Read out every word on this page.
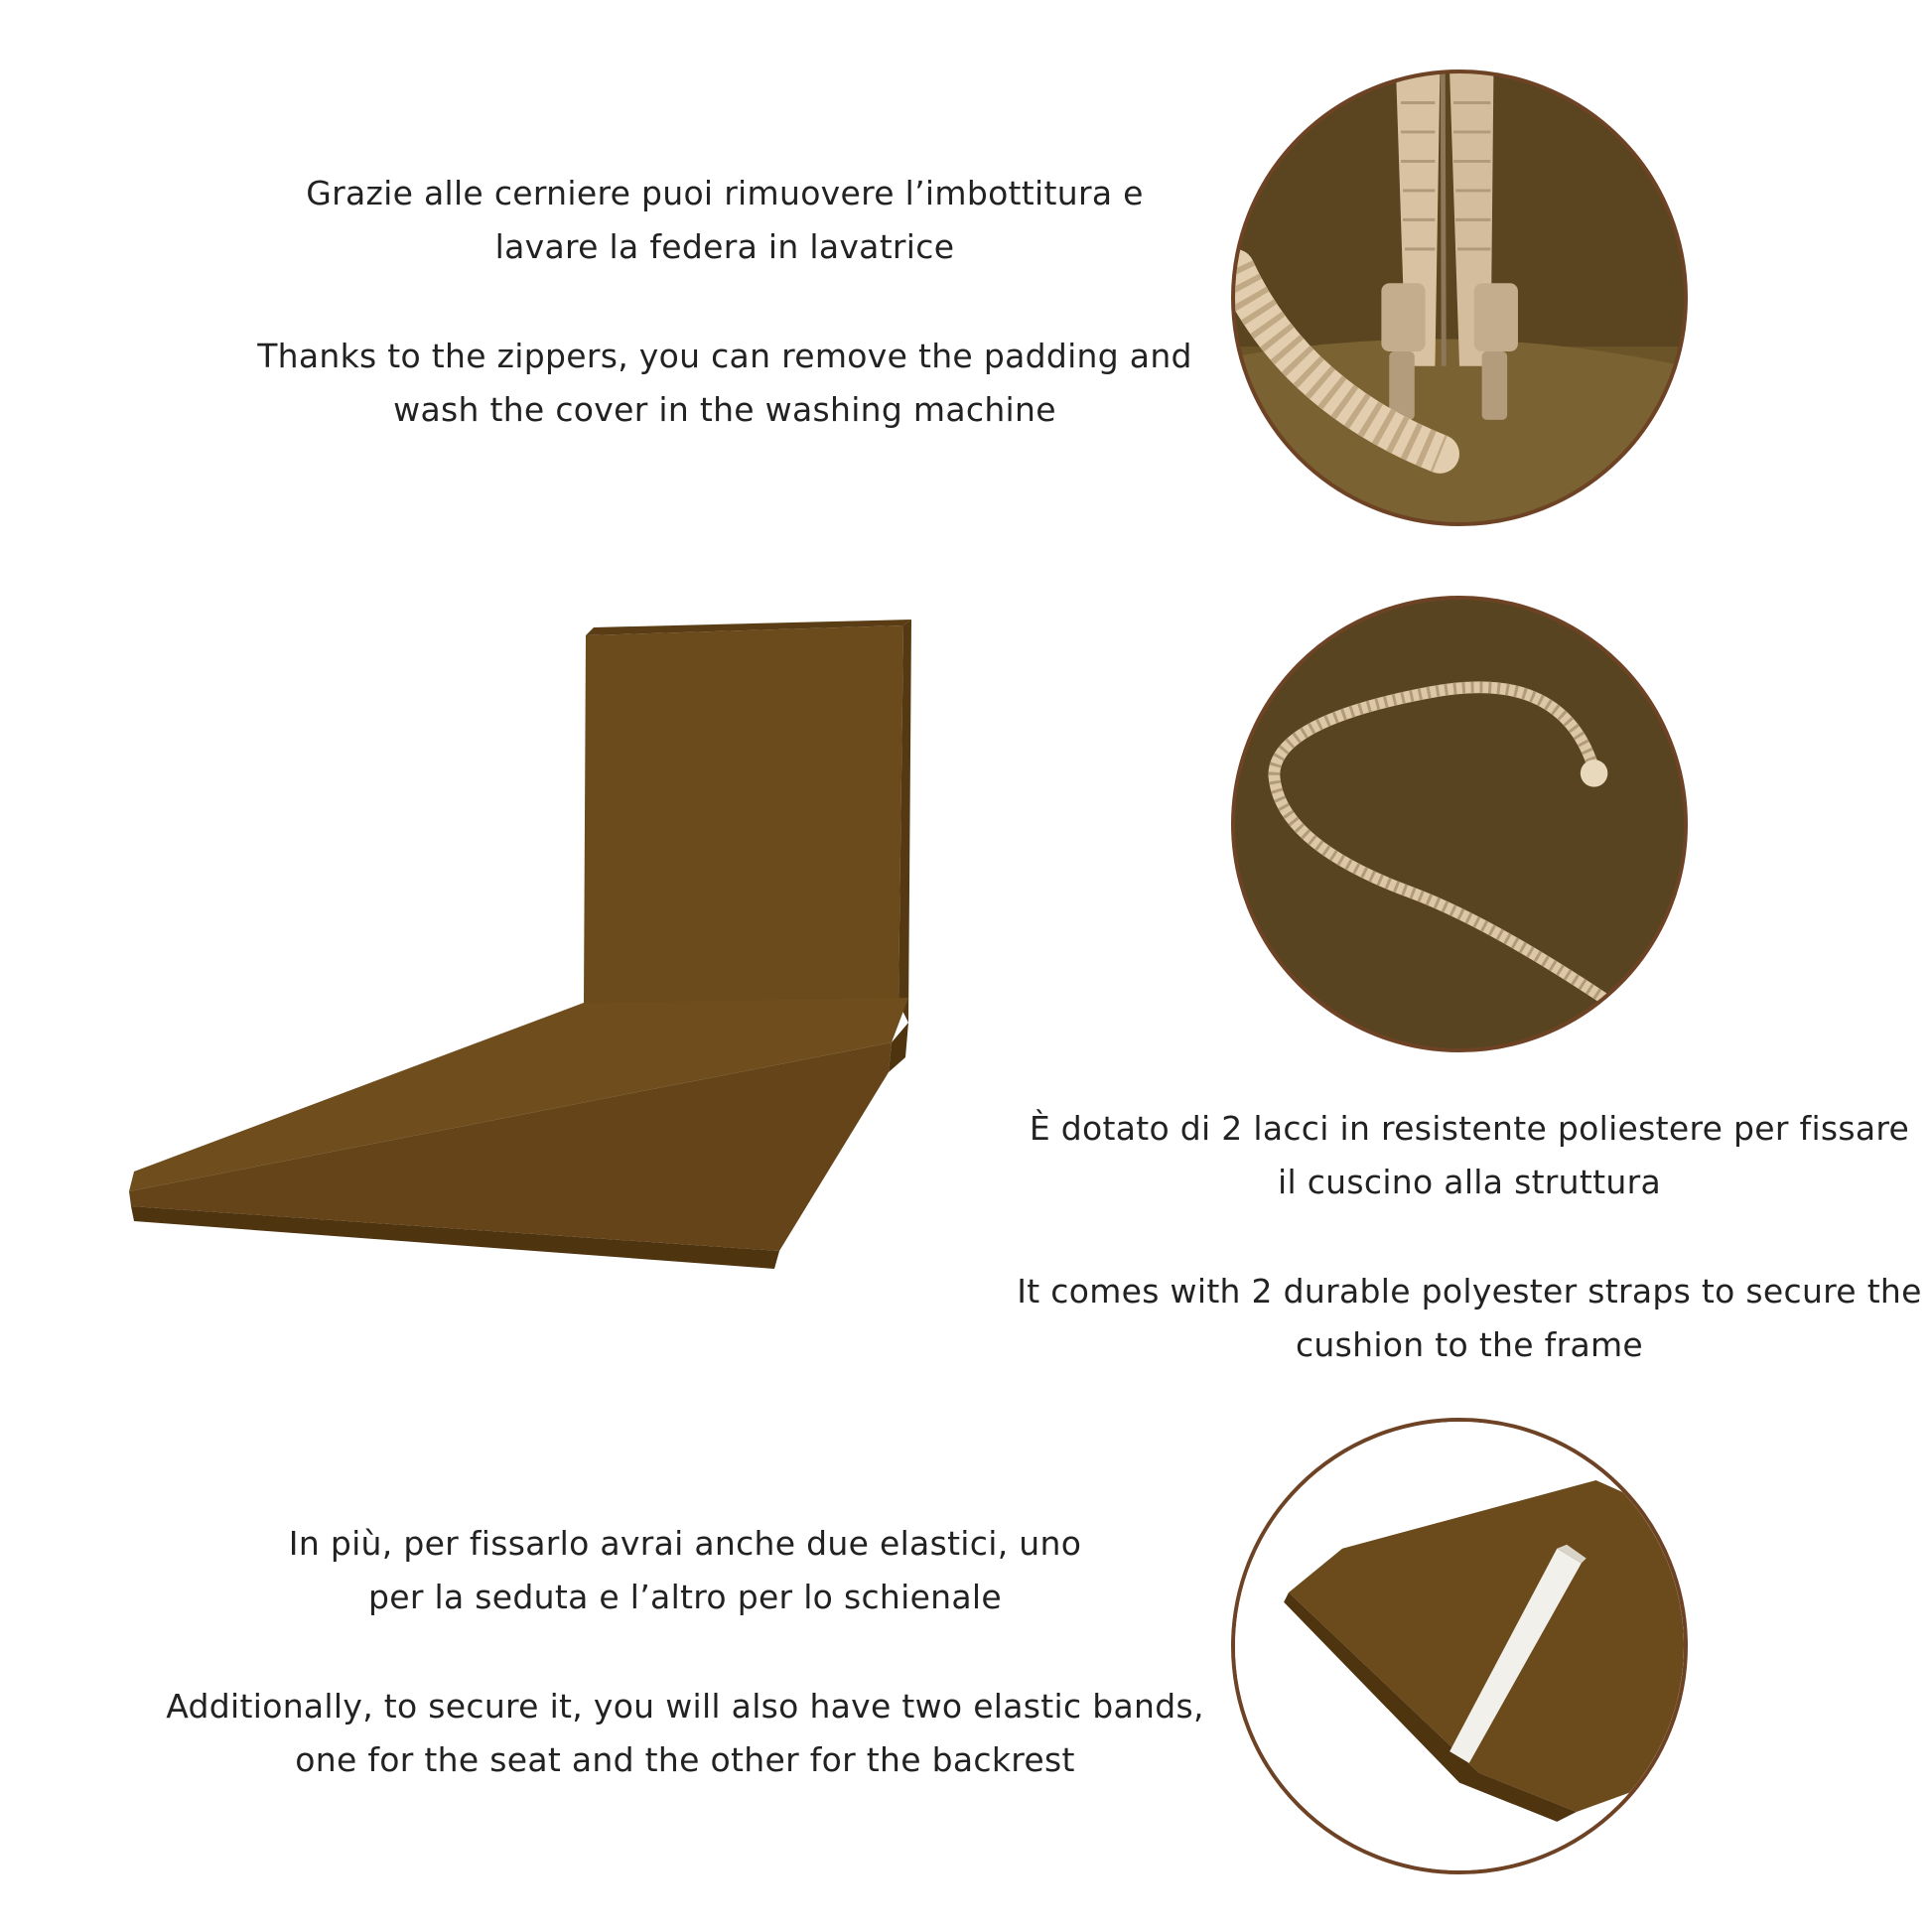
Grazie alle cerniere puoi rimuovere l’imbottitura e

lavare la federa in lavatrice

Thanks to the zippers, you can remove the padding and

wash the cover in the washing machine

È dotato di 2 lacci in resistente poliestere per fissare

il cuscino alla struttura

It comes with 2 durable polyester straps to secure the

cushion to the frame

In più, per fissarlo avrai anche due elastici, uno

per la seduta e l’altro per lo schienale

Additionally, to secure it, you will also have two elastic bands,

one for the seat and the other for the backrest
